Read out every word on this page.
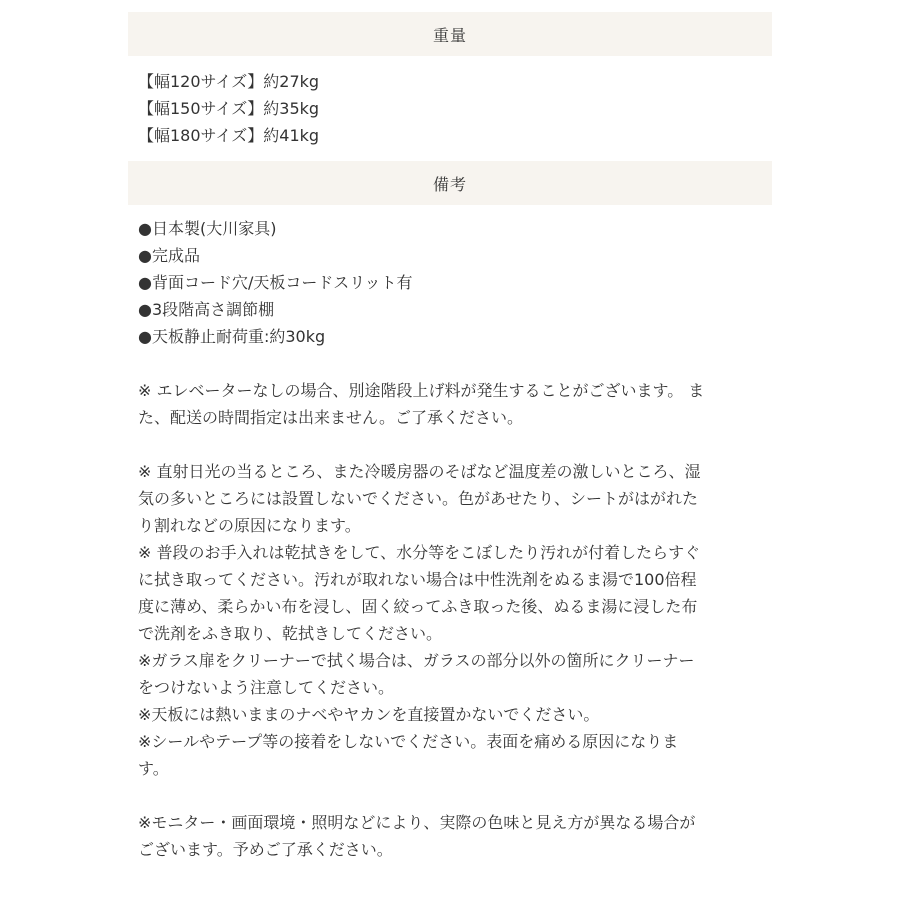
重量
【幅120サイズ】約27kg
【幅150サイズ】約35kg
【幅180サイズ】約41kg
備考
●日本製(大川家具)
●完成品
●背面コード穴/天板コードスリット有
●3段階高さ調節棚
●天板静止耐荷重:約30kg
※ エレベーターなしの場合、別途階段上げ料が発生することがございます。 ま
た、配送の時間指定は出来ません。ご了承ください。
※ 直射日光の当るところ、また冷暖房器のそばなど温度差の激しいところ、湿
気の多いところには設置しないでください。色があせたり、シートがはがれた
り割れなどの原因になります。
※ 普段のお手入れは乾拭きをして、水分等をこぼしたり汚れが付着したらすぐ
に拭き取ってください。汚れが取れない場合は中性洗剤をぬるま湯で100倍程
度に薄め、柔らかい布を浸し、固く絞ってふき取った後、ぬるま湯に浸した布
で洗剤をふき取り、乾拭きしてください。
※ガラス扉をクリーナーで拭く場合は、ガラスの部分以外の箇所にクリーナー
をつけないよう注意してください。
※天板には熱いままのナベやヤカンを直接置かないでください。
※シールやテープ等の接着をしないでください。表面を痛める原因になりま
す。
※モニター・画面環境・照明などにより、実際の色味と見え方が異なる場合が
ございます。予めご了承ください。
